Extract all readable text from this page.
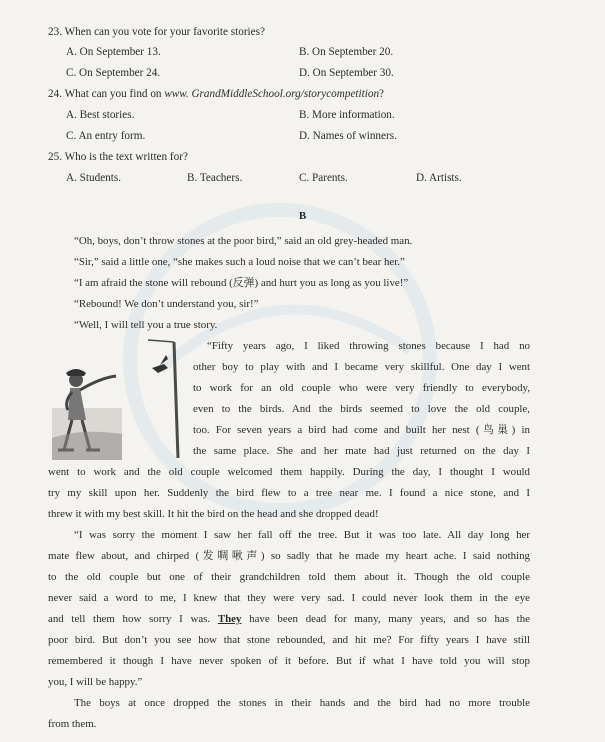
23. When can you vote for your favorite stories?
A. On September 13.	B. On September 20.
C. On September 24.	D. On September 30.
24. What can you find on www. GrandMiddleSchool.org/storycompetition?
A. Best stories.	B. More information.
C. An entry form.	D. Names of winners.
25. Who is the text written for?
A. Students.	B. Teachers.	C. Parents.	D. Artists.
B
“Oh, boys, don’t throw stones at the poor bird,” said an old grey-headed man.
“Sir,” said a little one, “she makes such a loud noise that we can’t bear her.”
“I am afraid the stone will rebound (反弹) and hurt you as long as you live!”
“Rebound! We don’t understand you, sir!”
“Well, I will tell you a true story.
“Fifty years ago, I liked throwing stones because I had no
other boy to play with and I became very skillful. One day I went
to work for an old couple who were very friendly to everybody,
even to the birds. And the birds seemed to love the old couple,
too. For seven years a bird had come and built her nest (鸟巢) in
the same place. She and her mate had just returned on the day I
went to work and the old couple welcomed them happily. During the day, I thought I would
try my skill upon her. Suddenly the bird flew to a tree near me. I found a nice stone, and I
threw it with my best skill. It hit the bird on the head and she dropped dead!
“I was sorry the moment I saw her fall off the tree. But it was too late. All day long her
mate flew about, and chirped (发啁啾声) so sadly that he made my heart ache. I said nothing
to the old couple but one of their grandchildren told them about it. Though the old couple
never said a word to me, I knew that they were very sad. I could never look them in the eye
and tell them how sorry I was. They have been dead for many, many years, and so has the
poor bird. But don’t you see how that stone rebounded, and hit me? For fifty years I have still
remembered it though I have never spoken of it before. But if what I have told you will stop
you, I will be happy.”
The boys at once dropped the stones in their hands and the bird had no more trouble
from them.
